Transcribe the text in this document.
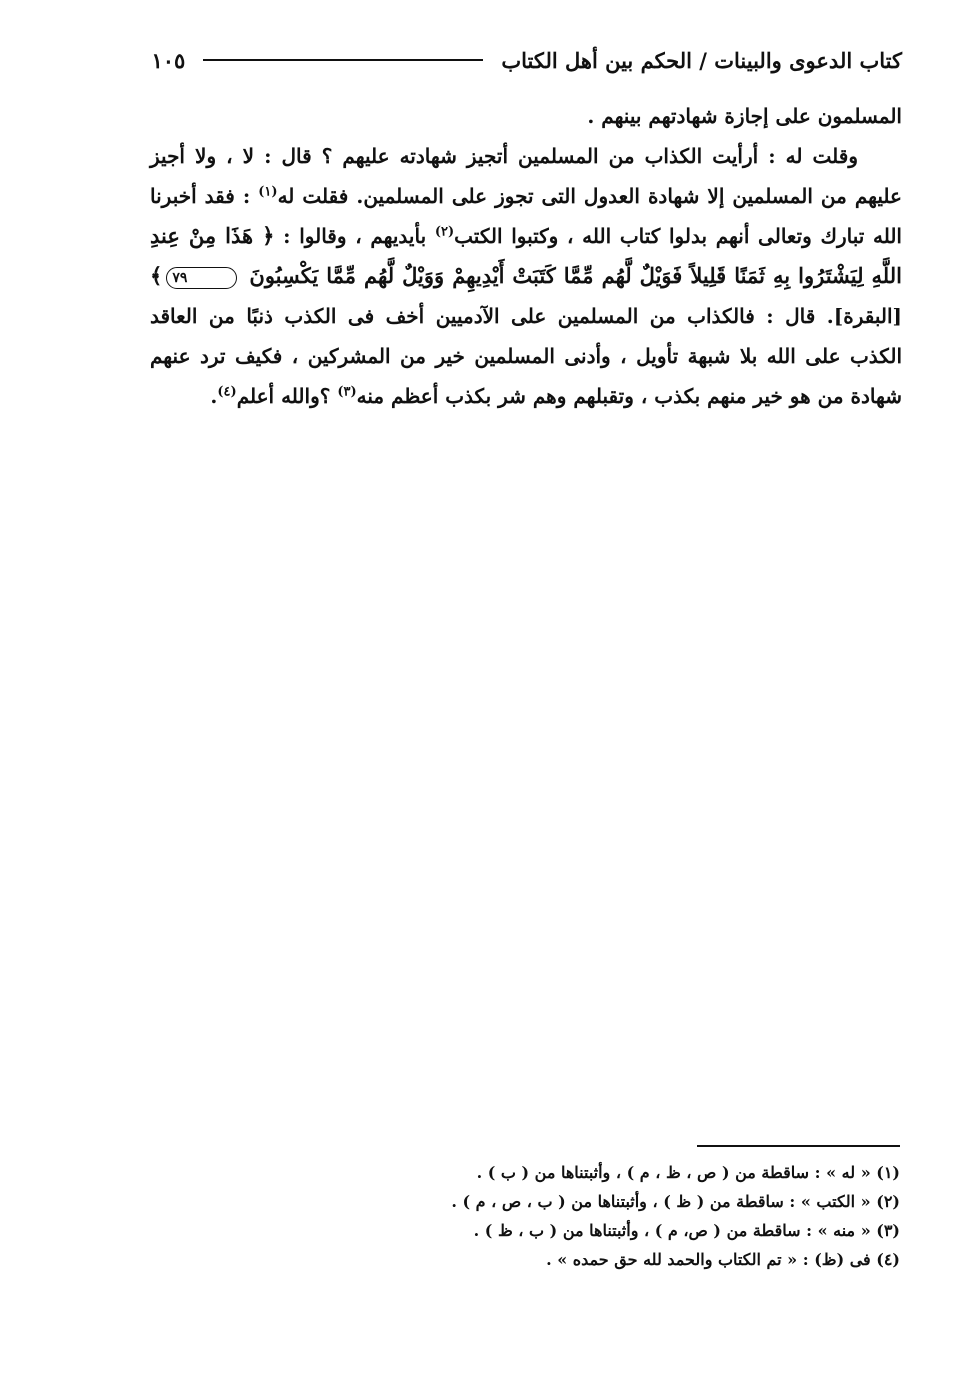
كتاب الدعوى والبينات / الحكم بين أهل الكتاب
١٠٥

المسلمون على إجازة شهادتهم بينهم .

وقلت له : أرأيت الكذاب من المسلمين أتجيز شهادته عليهم ؟ قال : لا ، ولا أجيز عليهم من المسلمين إلا شهادة العدول التى تجوز على المسلمين. فقلت له$^{(١)}$ : فقد أخبرنا الله تبارك وتعالى أنهم بدلوا كتاب الله ، وكتبوا الكتب$^{(٢)}$ بأيديهم ، وقالوا : ﴿ هَذَا مِنْ عِندِ اللَّهِ لِيَشْتَرُوا بِهِ ثَمَنًا قَلِيلاً فَوَيْلٌ لَّهُم مِّمَّا كَتَبَتْ أَيْدِيهِمْ وَوَيْلٌ لَّهُم مِّمَّا يَكْسِبُونَ ٧٩﴾ [البقرة]. قال : فالكذاب من المسلمين على الآدميين أخف فى الكذب ذنبًا من العاقد الكذب على الله بلا شبهة تأويل ، وأدنى المسلمين خير من المشركين ، فكيف ترد عنهم شهادة من هو خير منهم بكذب ، وتقبلهم وهم شر بكذب أعظم منه$^{(٣)}$ ؟والله أعلم$^{(٤)}$.

(١) « له » : ساقطة من ( ص ، ظ ، م ) ، وأثبتناها من ( ب ) .

(٢) « الكتب » : ساقطة من ( ظ ) ، وأثبتناها من ( ب ، ص ، م ) .

(٣) « منه » : ساقطة من ( ص، م ) ، وأثبتناها من ( ب ، ظ ) .

(٤) فى (ظ) : « تم الكتاب والحمد لله حق حمده » .
